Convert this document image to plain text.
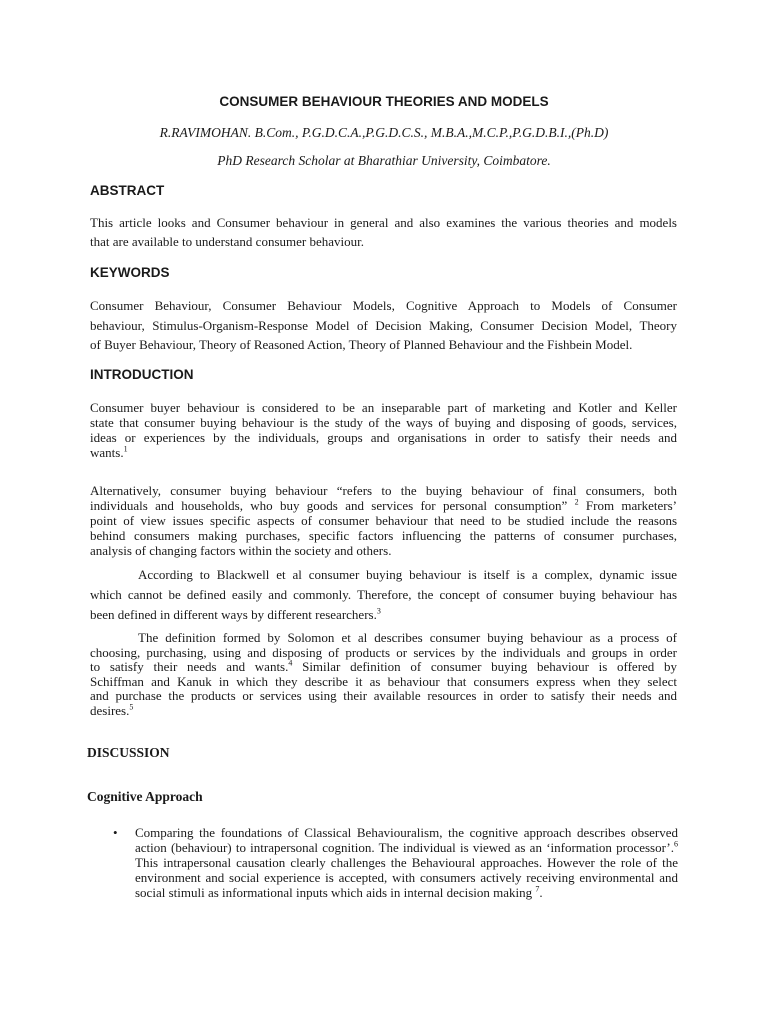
CONSUMER BEHAVIOUR THEORIES AND MODELS
R.RAVIMOHAN. B.Com., P.G.D.C.A.,P.G.D.C.S., M.B.A.,M.C.P.,P.G.D.B.I.,(Ph.D)
PhD Research Scholar at Bharathiar University, Coimbatore.
ABSTRACT
This article looks and Consumer behaviour in general and also examines the various theories and models
that are available to understand consumer behaviour.
KEYWORDS
Consumer Behaviour, Consumer Behaviour Models, Cognitive Approach to Models of Consumer
behaviour, Stimulus-Organism-Response Model of Decision Making, Consumer Decision Model, Theory
of Buyer Behaviour, Theory of Reasoned Action, Theory of Planned Behaviour and the Fishbein Model.
INTRODUCTION
Consumer buyer behaviour is considered to be an inseparable part of marketing and Kotler and Keller
state that consumer buying behaviour is the study of the ways of buying and disposing of goods, services,
ideas or experiences by the individuals, groups and organisations in order to satisfy their needs and
wants.$^1$
Alternatively, consumer buying behaviour “refers to the buying behaviour of final consumers, both
individuals and households, who buy goods and services for personal consumption” $^2$ From marketers’
point of view issues specific aspects of consumer behaviour that need to be studied include the reasons
behind consumers making purchases, specific factors influencing the patterns of consumer purchases,
analysis of changing factors within the society and others.
According to Blackwell et al consumer buying behaviour is itself is a complex, dynamic issue
which cannot be defined easily and commonly. Therefore, the concept of consumer buying behaviour has
been defined in different ways by different researchers.$^3$
The definition formed by Solomon et al describes consumer buying behaviour as a process of
choosing, purchasing, using and disposing of products or services by the individuals and groups in order
to satisfy their needs and wants.$^4$ Similar definition of consumer buying behaviour is offered by
Schiffman and Kanuk in which they describe it as behaviour that consumers express when they select
and purchase the products or services using their available resources in order to satisfy their needs and
desires.$^5$
DISCUSSION
Cognitive Approach
• Comparing the foundations of Classical Behaviouralism, the cognitive approach describes observed action (behaviour) to intrapersonal cognition. The individual is viewed as an ‘information processor’.$^6$ This intrapersonal causation clearly challenges the Behavioural approaches. However the role of the environment and social experience is accepted, with consumers actively receiving environmental and social stimuli as informational inputs which aids in internal decision making $^7$.
